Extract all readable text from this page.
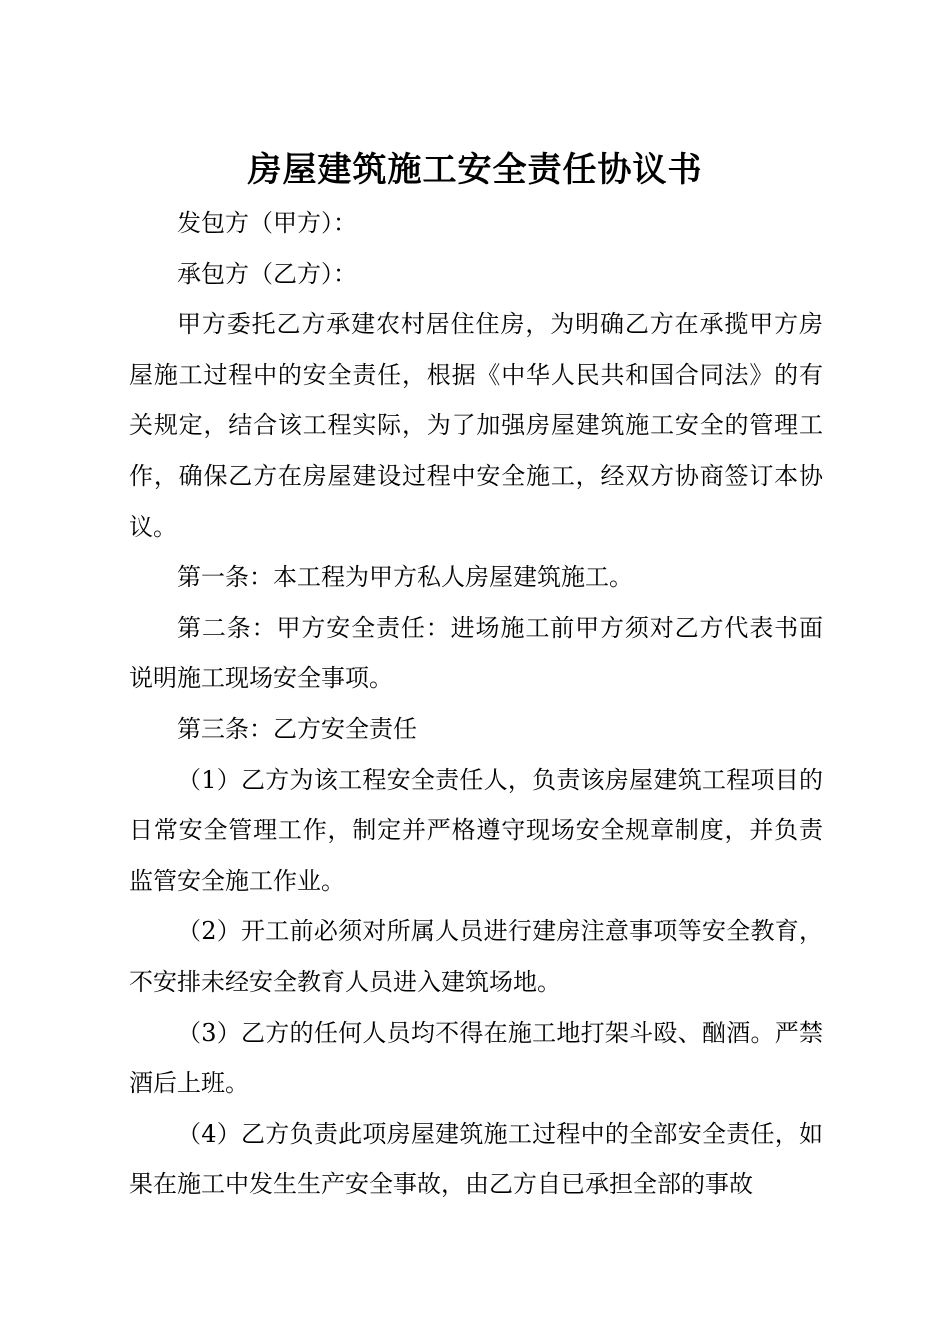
房屋建筑施工安全责任协议书

发包方（甲方）：

承包方（乙方）：

甲方委托乙方承建农村居住住房，为明确乙方在承揽甲方房屋施工过程中的安全责任，根据《中华人民共和国合同法》的有关规定，结合该工程实际，为了加强房屋建筑施工安全的管理工作，确保乙方在房屋建设过程中安全施工，经双方协商签订本协议。

第一条：本工程为甲方私人房屋建筑施工。

第二条：甲方安全责任：进场施工前甲方须对乙方代表书面说明施工现场安全事项。

第三条：乙方安全责任

（1）乙方为该工程安全责任人，负责该房屋建筑工程项目的日常安全管理工作，制定并严格遵守现场安全规章制度，并负责监管安全施工作业。

（2）开工前必须对所属人员进行建房注意事项等安全教育，不安排未经安全教育人员进入建筑场地。

（3）乙方的任何人员均不得在施工地打架斗殴、酗酒。严禁酒后上班。

（4）乙方负责此项房屋建筑施工过程中的全部安全责任，如果在施工中发生生产安全事故，由乙方自已承担全部的事故
